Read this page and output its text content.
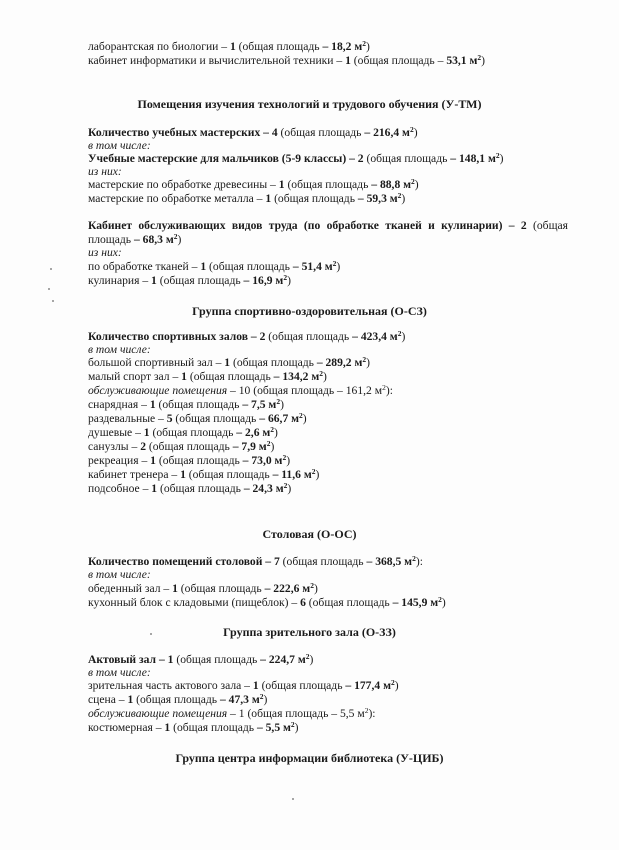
лаборантская по биологии – 1 (общая площадь – 18,2 $м^2$)
кабинет информатики и вычислительной техники – 1 (общая площадь – 53,1 $м^2$)
Помещения изучения технологий и трудового обучения (У-ТМ)
Количество учебных мастерских – 4 (общая площадь – 216,4 $м^2$)
в том числе:
Учебные мастерские для мальчиков (5-9 классы) – 2 (общая площадь – 148,1 $м^2$)
из них:
мастерские по обработке древесины – 1 (общая площадь – 88,8 $м^2$)
мастерские по обработке металла – 1 (общая площадь – 59,3 $м^2$)
Кабинет обслуживающих видов труда (по обработке тканей и кулинарии) – 2 (общая площадь – 68,3 $м^2$)
из них:
по обработке тканей – 1 (общая площадь – 51,4 $м^2$)
кулинария – 1 (общая площадь – 16,9 $м^2$)
Группа спортивно-оздоровительная (О-СЗ)
Количество спортивных залов – 2 (общая площадь – 423,4 $м^2$)
в том числе:
большой спортивный зал – 1 (общая площадь – 289,2 $м^2$)
малый спорт зал – 1 (общая площадь – 134,2 $м^2$)
обслуживающие помещения – 10 (общая площадь – 161,2 $м^2$):
снарядная – 1 (общая площадь – 7,5 $м^2$)
раздевальные – 5 (общая площадь – 66,7 $м^2$)
душевые – 1 (общая площадь – 2,6 $м^2$)
санузлы – 2 (общая площадь – 7,9 $м^2$)
рекреация – 1 (общая площадь – 73,0 $м^2$)
кабинет тренера – 1 (общая площадь – 11,6 $м^2$)
подсобное – 1 (общая площадь – 24,3 $м^2$)
Столовая (О-ОС)
Количество помещений столовой – 7 (общая площадь – 368,5 $м^2$):
в том числе:
обеденный зал – 1 (общая площадь – 222,6 $м^2$)
кухонный блок с кладовыми (пищеблок) – 6 (общая площадь – 145,9 $м^2$)
Группа зрительного зала (О-ЗЗ)
Актовый зал – 1 (общая площадь – 224,7 $м^2$)
в том числе:
зрительная часть актового зала – 1 (общая площадь – 177,4 $м^2$)
сцена – 1 (общая площадь – 47,3 $м^2$)
обслуживающие помещения – 1 (общая площадь – 5,5 $м^2$):
костюмерная – 1 (общая площадь – 5,5 $м^2$)
Группа центра информации библиотека (У-ЦИБ)
